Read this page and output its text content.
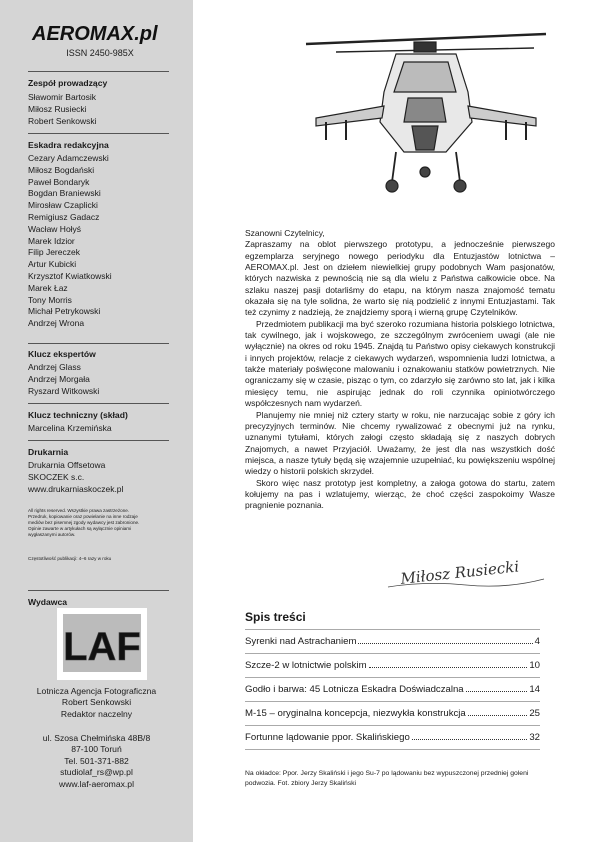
AEROMAX.pl
ISSN 2450-985X
Zespół prowadzący
Sławomir Bartosik
Miłosz Rusiecki
Robert Senkowski
Eskadra redakcyjna
Cezary Adamczewski
Miłosz Bogdański
Paweł Bondaryk
Bogdan Braniewski
Mirosław Czaplicki
Remigiusz Gadacz
Wacław Hołyś
Marek Idzior
Filip Jereczek
Artur Kubicki
Krzysztof Kwiatkowski
Marek Łaz
Tony Morris
Michał Petrykowski
Andrzej Wrona
Klucz ekspertów
Andrzej Glass
Andrzej Morgała
Ryszard Witkowski
Klucz techniczny (skład)
Marcelina Krzemińska
Drukarnia
Drukarnia Offsetowa
SKOCZEK s.c.
www.drukarniaskoczek.pl
All rights reserved. Wszystkie prawa zastrzeżone.
Przedruk, kopiowanie oraz powielanie na inne rodzaje
mediów bez pisemnej zgody wydawcy jest zabronione.
Opinie zawarte w artykułach są wyłącznie opiniami
wygłaszanymi autorów.
Częstotliwość publikacji: 4–6 razy w roku
Wydawca
LAF
Lotnicza Agencja Fotograficzna
Robert Senkowski
Redaktor naczelny
ul. Szosa Chełmińska 48B/8
87-100 Toruń
Tel. 501-371-882
studiolaf_rs@wp.pl
www.laf-aeromax.pl

Szanowni Czytelnicy,

Zapraszamy na oblot pierwszego prototypu, a jednocześnie pierwszego egzemplarza seryjnego nowego periodyku dla Entuzjastów lotnictwa – AEROMAX.pl. Jest on dziełem niewielkiej grupy podobnych Wam pasjonatów, których nazwiska z pewnością nie są dla wielu z Państwa całkowicie obce. Na szlaku naszej pasji dotarliśmy do etapu, na którym nasza znajomość tematu okazała się na tyle solidna, że warto się nią podzielić z innymi Entuzjastami. Tak też czynimy z nadzieją, że znajdziemy sporą i wierną grupę Czytelników.

Przedmiotem publikacji ma być szeroko rozumiana historia polskiego lotnictwa, tak cywilnego, jak i wojskowego, ze szczególnym zwróceniem uwagi (ale nie wyłącznie) na okres od roku 1945. Znajdą tu Państwo opisy ciekawych konstrukcji i innych projektów, relacje z ciekawych wydarzeń, wspomnienia ludzi lotnictwa, a także materiały poświęcone malowaniu i oznakowaniu statków powietrznych. Nie ograniczamy się w czasie, pisząc o tym, co zdarzyło się zarówno sto lat, jak i kilka miesięcy temu, nie aspirując jednak do roli czynnika opiniotwórczego współczesnych nam wydarzeń.

Planujemy nie mniej niż cztery starty w roku, nie narzucając sobie z góry ich precyzyjnych terminów. Nie chcemy rywalizować z obecnymi już na rynku, uznanymi tytułami, których załogi często składają się z naszych dobrych Znajomych, a nawet Przyjaciół. Uważamy, że jest dla nas wszystkich dość miejsca, a nasze tytuły będą się wzajemnie uzupełniać, ku powiększeniu wspólnej wiedzy o historii polskich skrzydeł.

Skoro więc nasz prototyp jest kompletny, a załoga gotowa do startu, zatem kołujemy na pas i wzlatujemy, wierząc, że choć części zaspokoimy Wasze pragnienie poznania.

Miłosz Rusiecki
Spis treści
Syrenki nad Astrachaniem	4
Szcze-2 w lotnictwie polskim	10
Godło i barwa: 45 Lotnicza Eskadra Doświadczalna	14
M-15 – oryginalna koncepcja, niezwykła konstrukcja	25
Fortunne lądowanie ppor. Skalińskiego	32
Na okładce: Ppor. Jerzy Skaliński i jego Su-7 po lądowaniu bez wypuszczonej przedniej goleni podwozia. Fot. zbiory Jerzy Skaliński
